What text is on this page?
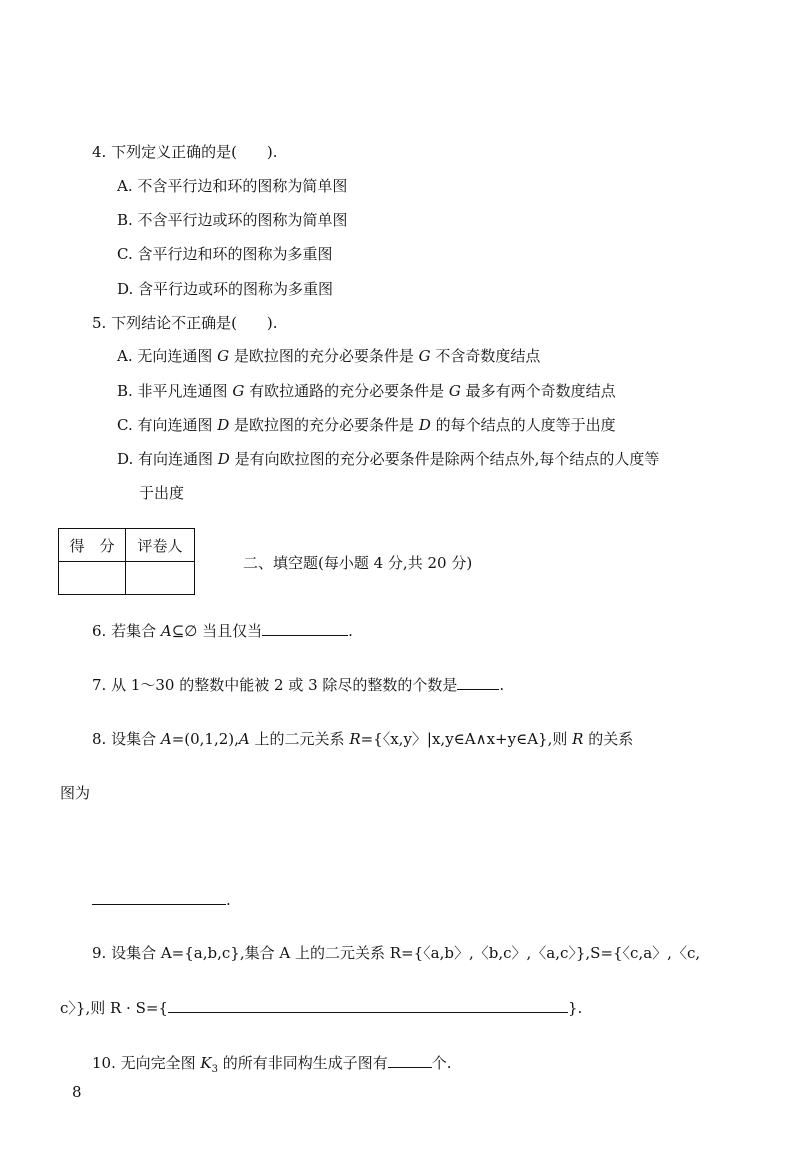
4. 下列定义正确的是(　　).
A. 不含平行边和环的图称为简单图
B. 不含平行边或环的图称为简单图
C. 含平行边和环的图称为多重图
D. 含平行边或环的图称为多重图
5. 下列结论不正确是(　　).
A. 无向连通图 G 是欧拉图的充分必要条件是 G 不含奇数度结点
B. 非平凡连通图 G 有欧拉通路的充分必要条件是 G 最多有两个奇数度结点
C. 有向连通图 D 是欧拉图的充分必要条件是 D 的每个结点的人度等于出度
D. 有向连通图 D 是有向欧拉图的充分必要条件是除两个结点外,每个结点的人度等
于出度
得　分	评卷人

二、填空题(每小题 4 分,共 20 分)
6. 若集合 A⊆∅ 当且仅当	.
7. 从 1～30 的整数中能被 2 或 3 除尽的整数的个数是	.
8. 设集合 A=(0,1,2),A 上的二元关系 R={〈x,y〉|x,y∈A∧x+y∈A},则 R 的关系
图为
.
9. 设集合 A={a,b,c},集合 A 上的二元关系 R={〈a,b〉,〈b,c〉,〈a,c〉},S={〈c,a〉,〈c,
c〉},则 R · S={	}.
10. 无向完全图 $K_3$ 的所有非同构生成子图有	个.
8
